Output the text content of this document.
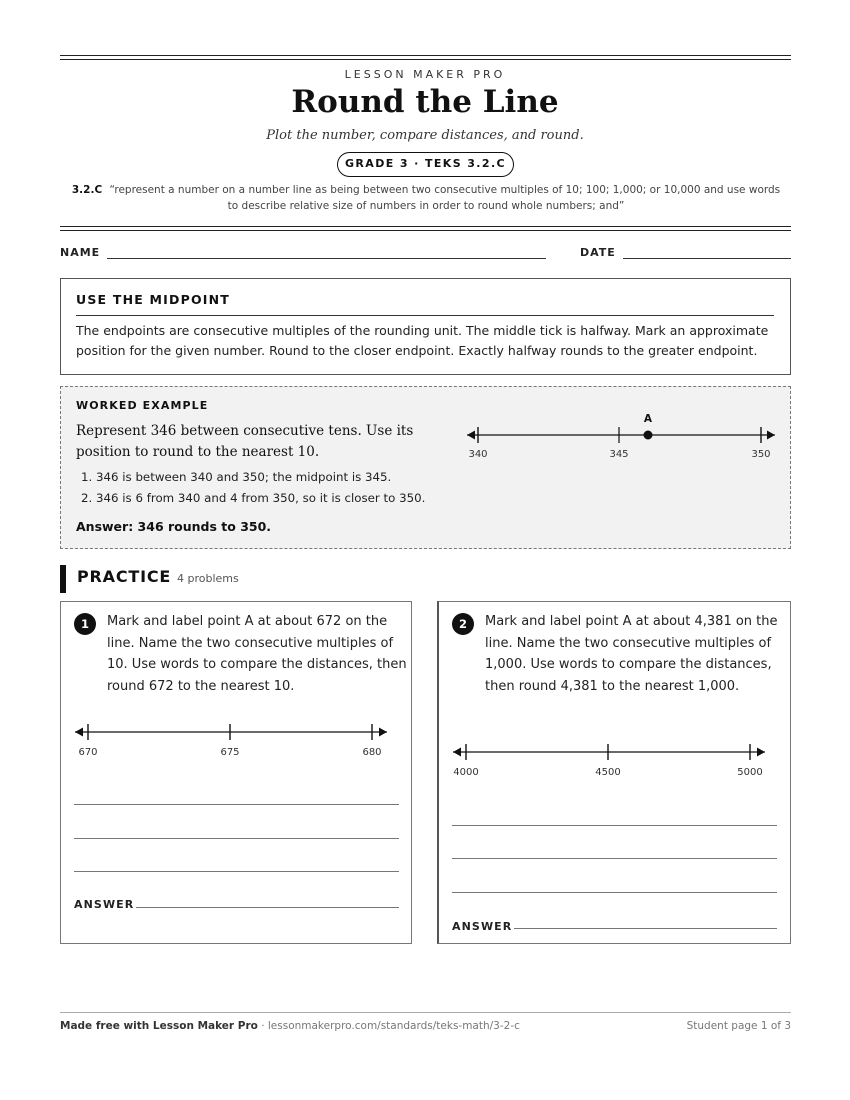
LESSON MAKER PRO
Round the Line
Plot the number, compare distances, and round.
GRADE 3 · TEKS 3.2.C
3.2.C “represent a number on a number line as being between two consecutive multiples of 10; 100; 1,000; or 10,000 and use words to describe relative size of numbers in order to round whole numbers; and”
NAME	DATE
USE THE MIDPOINT
The endpoints are consecutive multiples of the rounding unit. The middle tick is halfway. Mark an approximate position for the given number. Round to the closer endpoint. Exactly halfway rounds to the greater endpoint.
WORKED EXAMPLE
Represent 346 between consecutive tens. Use its position to round to the nearest 10.
1. 346 is between 340 and 350; the midpoint is 345.
2. 346 is 6 from 340 and 4 from 350, so it is closer to 350.
Answer: 346 rounds to 350.
A
340	345	350
PRACTICE 4 problems
1	Mark and label point A at about 672 on the line. Name the two consecutive multiples of 10. Use words to compare the distances, then round 672 to the nearest 10.
670	675	680
ANSWER
2	Mark and label point A at about 4,381 on the line. Name the two consecutive multiples of 1,000. Use words to compare the distances, then round 4,381 to the nearest 1,000.
4000	4500	5000
ANSWER
Made free with Lesson Maker Pro · lessonmakerpro.com/standards/teks-math/3-2-c	Student page 1 of 3
